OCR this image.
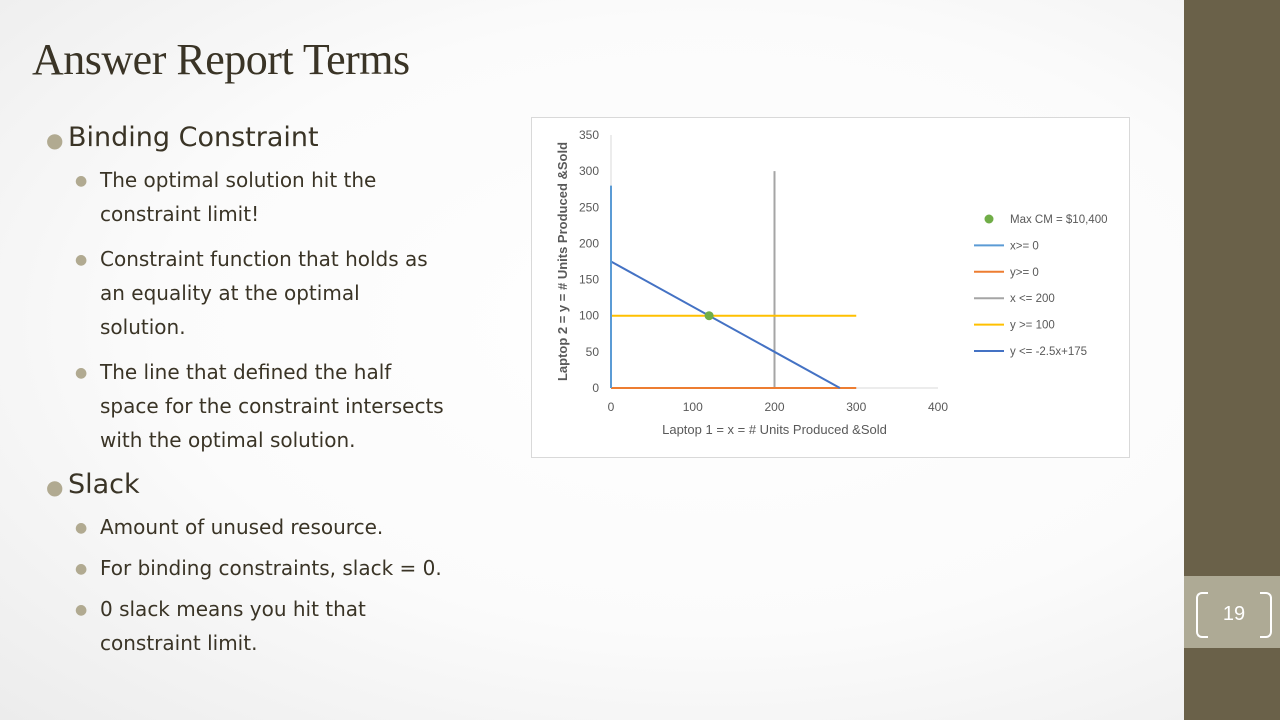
Answer Report Terms

● Binding Constraint

● The optimal solution hit the
constraint limit!

● Constraint function that holds as
an equality at the optimal
solution.

● The line that defined the half
space for the constraint intersects
with the optimal solution.

● Slack

● Amount of unused resource.

● For binding constraints, slack = 0.

● 0 slack means you hit that
constraint limit.

0	100	200	300	400
0
50
100
150
200
250
300
350
Laptop 1 = x = # Units Produced &Sold
Laptop 2 = y = # Units Produced &Sold	Max CM = $10,400
x>= 0
y>= 0
x <= 200
y >= 100
y <= -2.5x+175
19
